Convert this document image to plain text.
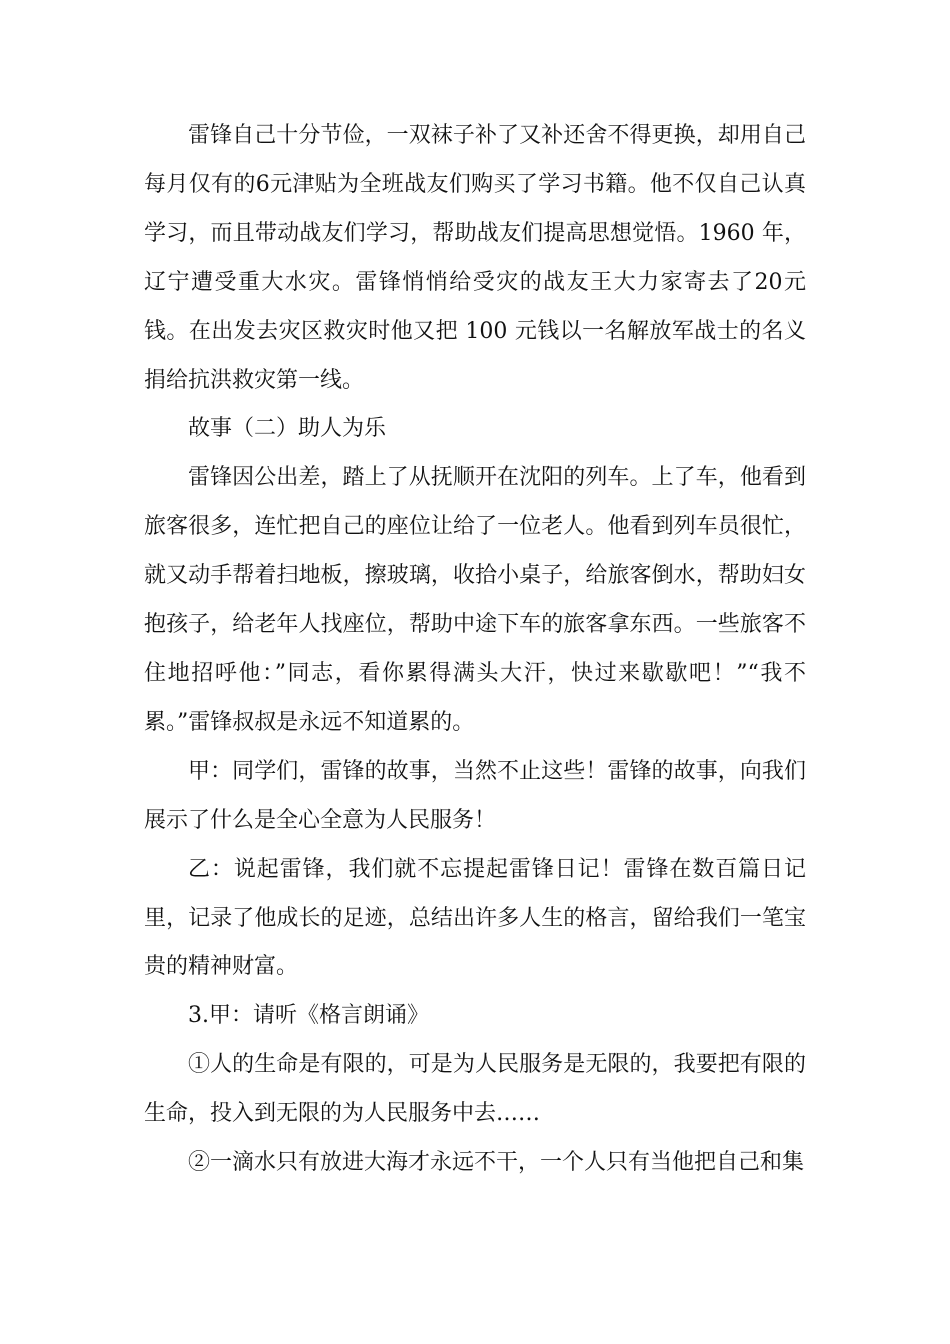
雷锋自己十分节俭，一双袜子补了又补还舍不得更换，却用自己每月仅有的6元津贴为全班战友们购买了学习书籍。他不仅自己认真学习，而且带动战友们学习，帮助战友们提高思想觉悟。1960 年，辽宁遭受重大水灾。雷锋悄悄给受灾的战友王大力家寄去了20元钱。在出发去灾区救灾时他又把 100 元钱以一名解放军战士的名义捐给抗洪救灾第一线。

故事（二）助人为乐

雷锋因公出差，踏上了从抚顺开在沈阳的列车。上了车，他看到旅客很多，连忙把自己的座位让给了一位老人。他看到列车员很忙，就又动手帮着扫地板，擦玻璃，收拾小桌子，给旅客倒水，帮助妇女抱孩子，给老年人找座位，帮助中途下车的旅客拿东西。一些旅客不住地招呼他：”同志，看你累得满头大汗，快过来歇歇吧！”“我不累。”雷锋叔叔是永远不知道累的。

甲：同学们，雷锋的故事，当然不止这些！雷锋的故事，向我们展示了什么是全心全意为人民服务！

乙：说起雷锋，我们就不忘提起雷锋日记！雷锋在数百篇日记里，记录了他成长的足迹，总结出许多人生的格言，留给我们一笔宝贵的精神财富。

3.甲：请听《格言朗诵》

①人的生命是有限的，可是为人民服务是无限的，我要把有限的生命，投入到无限的为人民服务中去……

②一滴水只有放进大海才永远不干，一个人只有当他把自己和集
